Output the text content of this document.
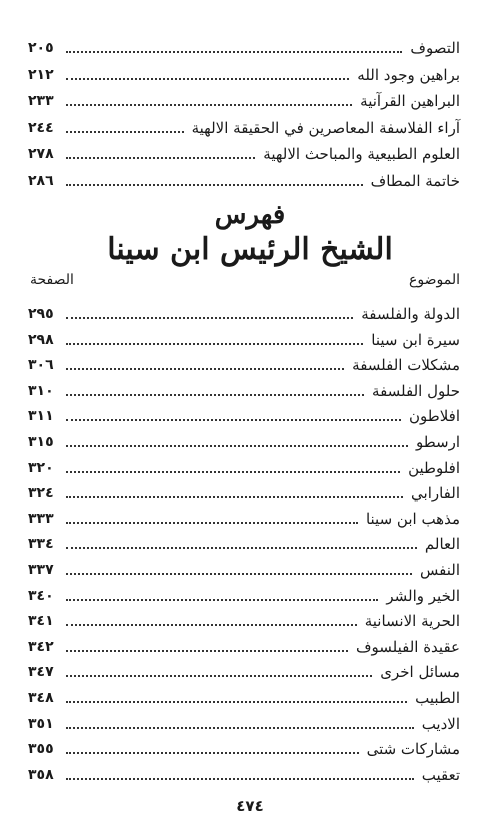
التصوف
٢٠٥
براهين وجود الله
٢١٢
البراهين القرآنية
٢٣٣
آراء الفلاسفة المعاصرين في الحقيقة الالهية
٢٤٤
العلوم الطبيعية والمباحث الالهية
٢٧٨
خاتمة المطاف
٢٨٦
فهرس
الشيخ الرئيس ابن سينا
الموضوع
الصفحة
الدولة والفلسفة
٢٩٥
سيرة ابن سينا
٢٩٨
مشكلات الفلسفة
٣٠٦
حلول الفلسفة
٣١٠
افلاطون
٣١١
ارسطو
٣١٥
افلوطين
٣٢٠
الفارابي
٣٢٤
مذهب ابن سينا
٣٣٣
العالم
٣٣٤
النفس
٣٣٧
الخير والشر
٣٤٠
الحرية الانسانية
٣٤١
عقيدة الفيلسوف
٣٤٢
مسائل اخرى
٣٤٧
الطبيب
٣٤٨
الاديب
٣٥١
مشاركات شتى
٣٥٥
تعقيب
٣٥٨
٤٧٤
